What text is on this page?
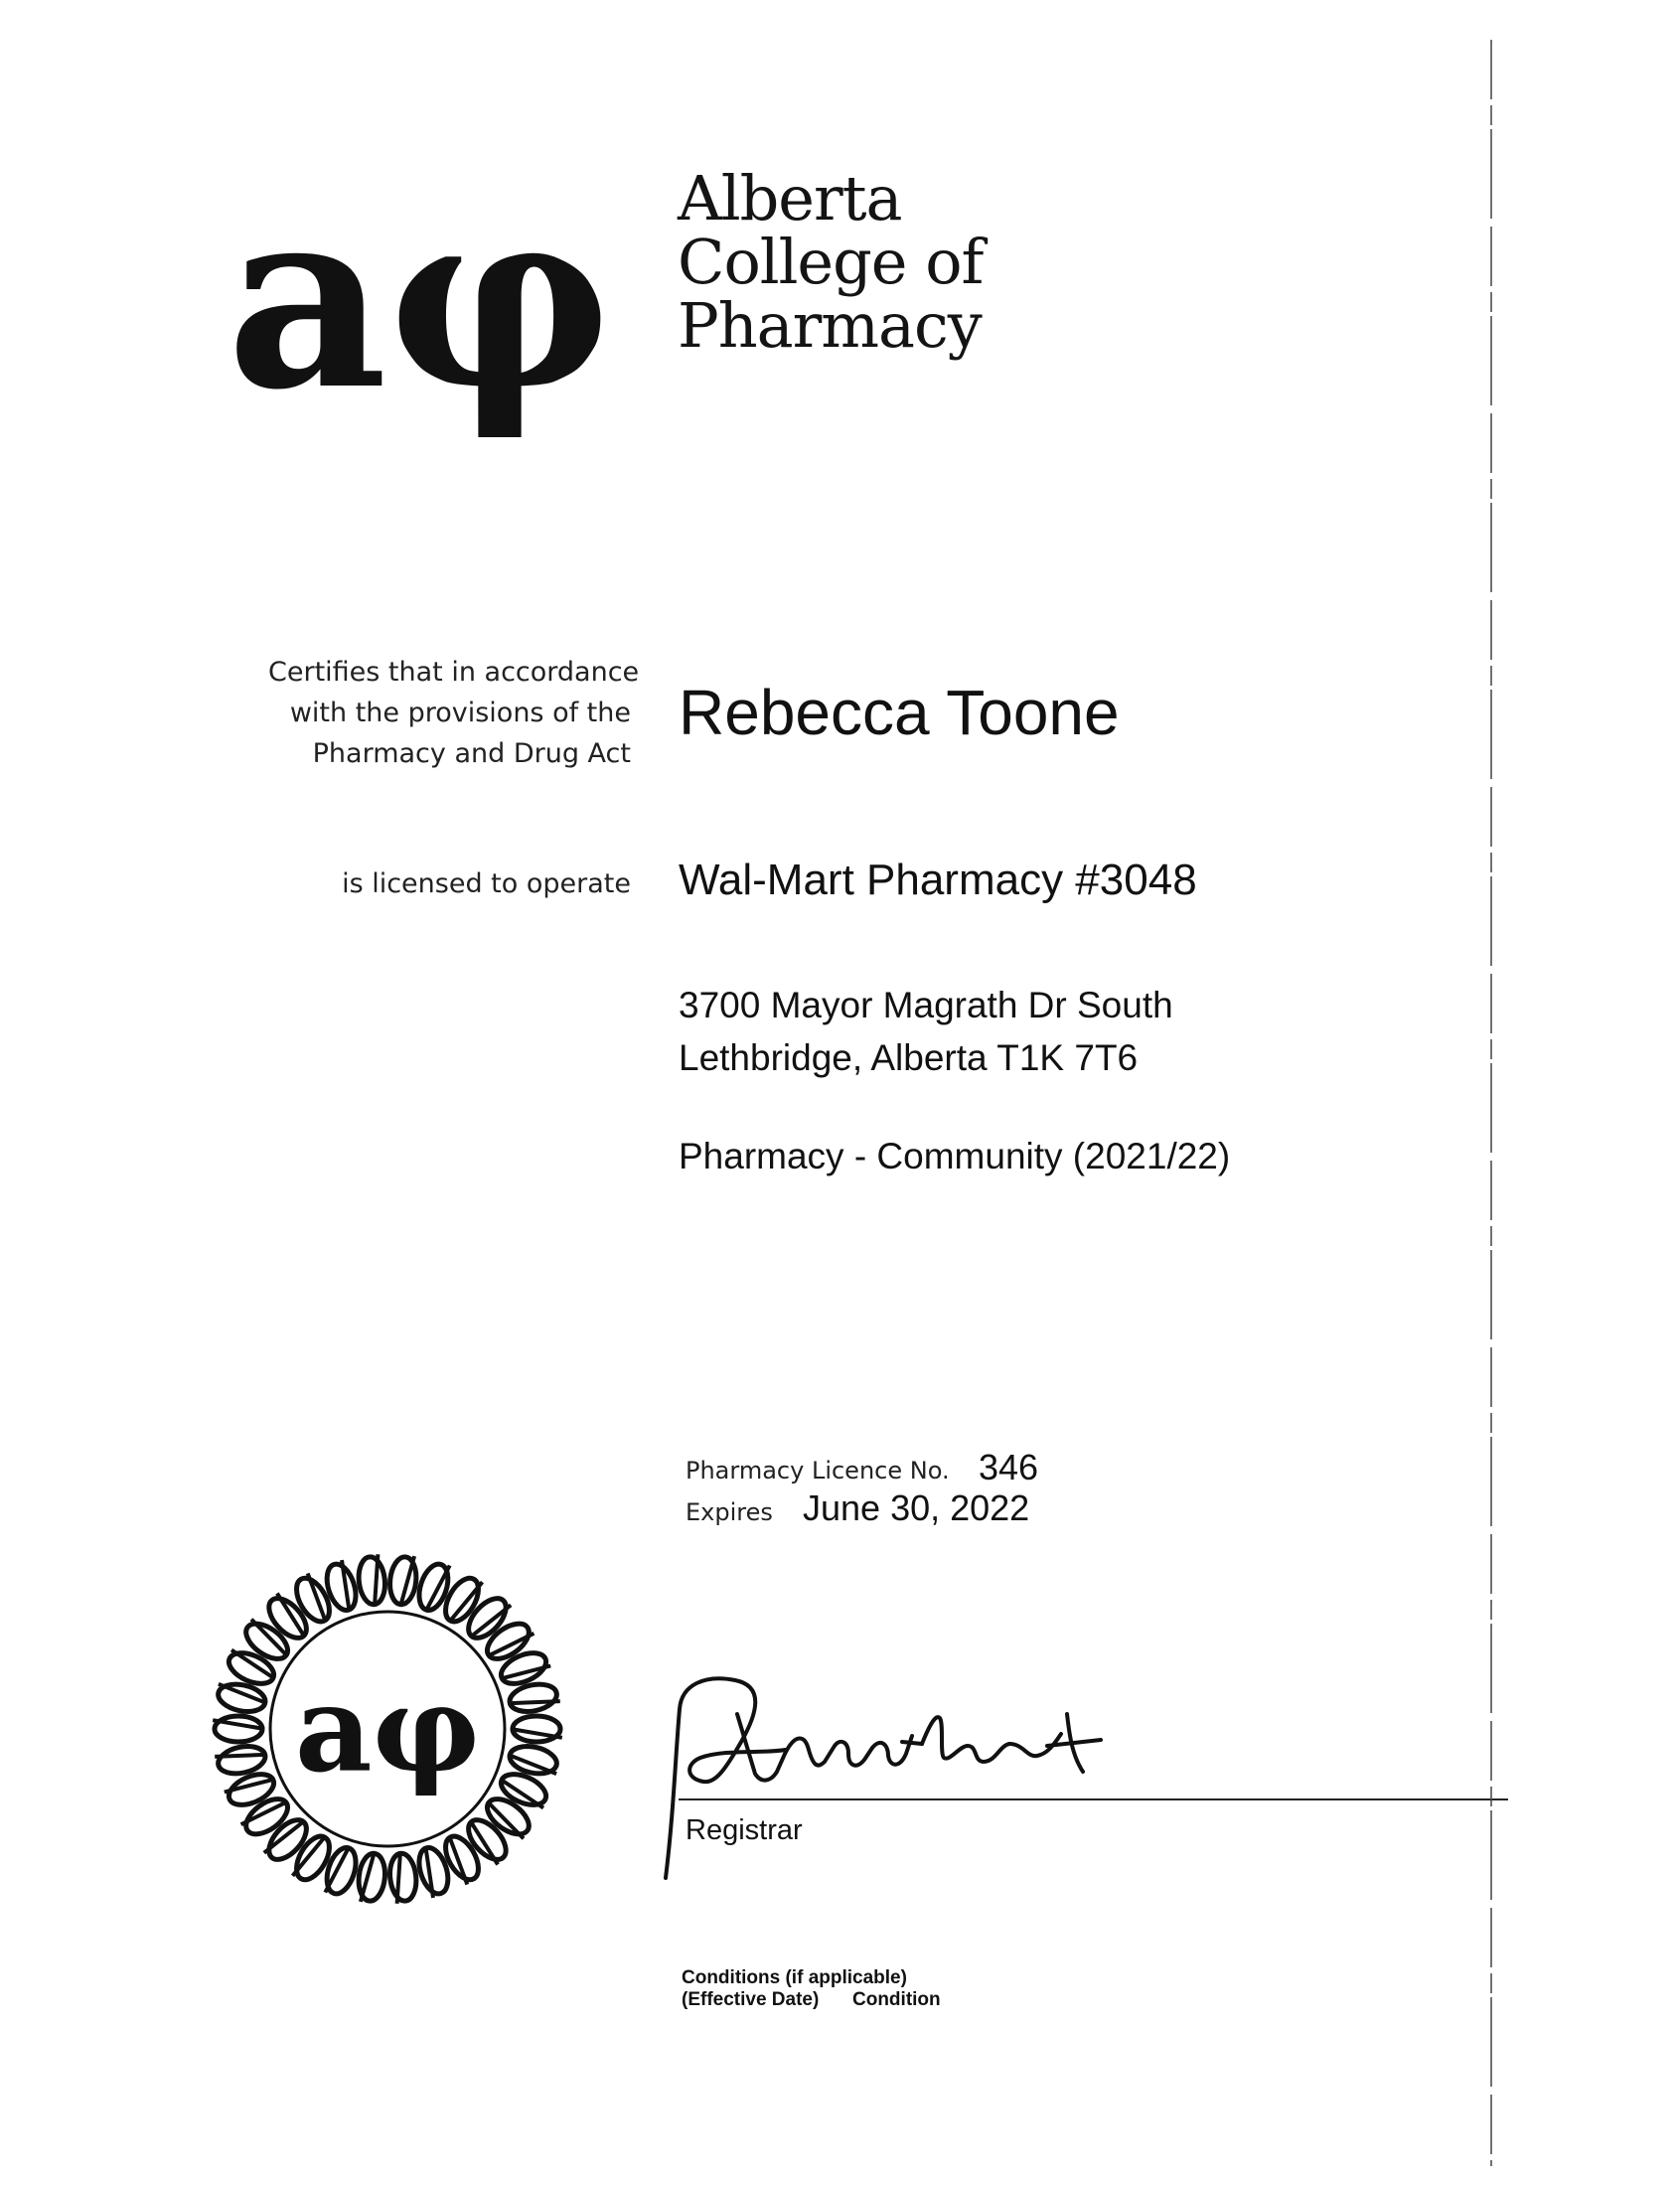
aφ Alberta
College of
Pharmacy
Certifies that in accordance
with the provisions of the
Pharmacy and Drug Act
Rebecca Toone
is licensed to operate Wal-Mart Pharmacy #3048
3700 Mayor Magrath Dr South
Lethbridge, Alberta T1K 7T6
Pharmacy - Community (2021/22)
Pharmacy Licence No. 346
Expires June 30, 2022
aφ
Registrar
Conditions (if applicable)
(Effective Date) Condition
